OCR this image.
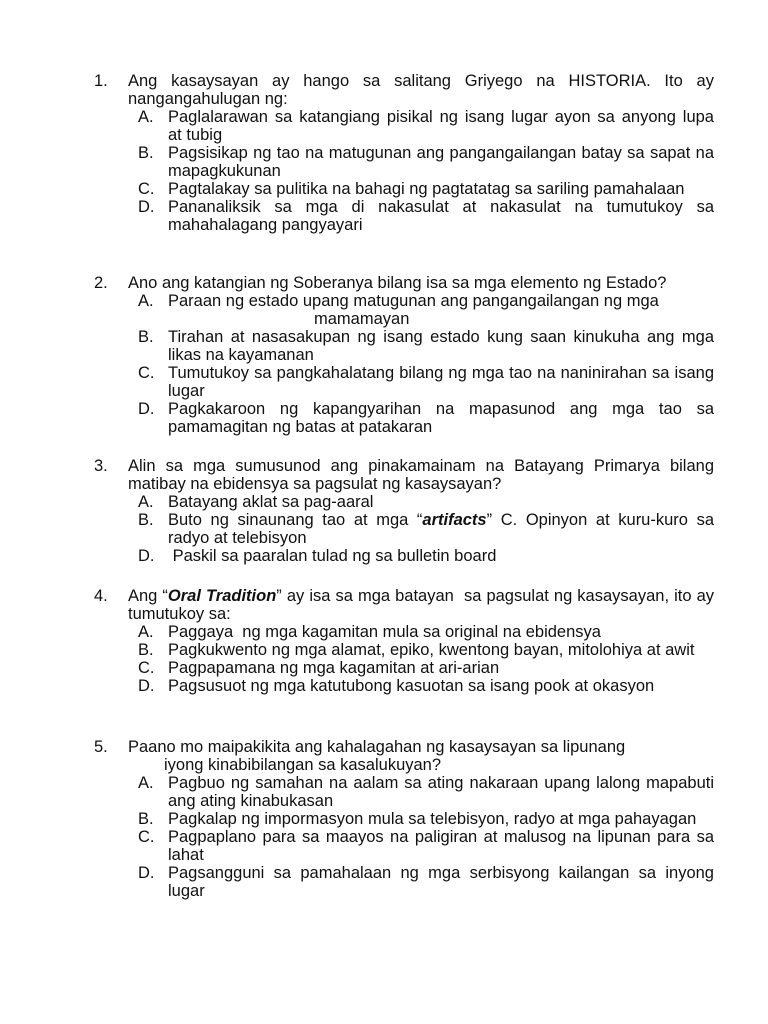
1.	Ang kasaysayan ay hango sa salitang Griyego na HISTORIA. Ito ay nangangahulugan ng:
A. Paglalarawan sa katangiang pisikal ng isang lugar ayon sa anyong lupa        at tubig
B. Pagsisikap ng tao na matugunan ang pangangailangan batay sa sapat na mapagkukunan
C. Pagtalakay sa pulitika na bahagi ng pagtatatag sa sariling pamahalaan
D. Pananaliksik sa mga di nakasulat at nakasulat na tumutukoy sa mahahalagang pangyayari
2.	Ano ang katangian ng Soberanya bilang isa sa mga elemento ng Estado?
A. Paraan ng estado upang matugunan ang pangangailangan ng mga
mamamayan
B. Tirahan at nasasakupan ng isang estado kung saan kinukuha ang mga        likas na kayamanan
C. Tumutukoy sa pangkahalatang bilang ng mga tao na naninirahan sa isang lugar
D. Pagkakaroon ng kapangyarihan na mapasunod ang mga tao sa pamamagitan ng batas at patakaran
3.	Alin sa mga sumusunod ang pinakamainam na Batayang Primarya bilang matibay na ebidensya sa pagsulat ng kasaysayan?
A. Batayang aklat sa pag-aaral
B. Buto ng sinaunang tao at mga “artifacts” C. Opinyon at kuru-kuro sa radyo at telebisyon
D. Paskil sa paaralan tulad ng sa bulletin board
4.	Ang “Oral Tradition” ay isa sa mga batayan  sa pagsulat ng kasaysayan, ito ay tumutukoy sa:
A. Paggaya  ng mga kagamitan mula sa original na ebidensya
B. Pagkukwento ng mga alamat, epiko, kwentong bayan, mitolohiya at awit
C. Pagpapamana ng mga kagamitan at ari-arian
D. Pagsusuot ng mga katutubong kasuotan sa isang pook at okasyon
5.	Paano mo maipakikita ang kahalagahan ng kasaysayan sa lipunang
iyong kinabibilangan sa kasalukuyan?
A. Pagbuo ng samahan na aalam sa ating nakaraan upang lalong mapabuti ang ating kinabukasan
B. Pagkalap ng impormasyon mula sa telebisyon, radyo at mga pahayagan
C. Pagpaplano para sa maayos na paligiran at malusog na lipunan para sa lahat
D. Pagsangguni sa pamahalaan ng mga serbisyong kailangan sa inyong lugar
